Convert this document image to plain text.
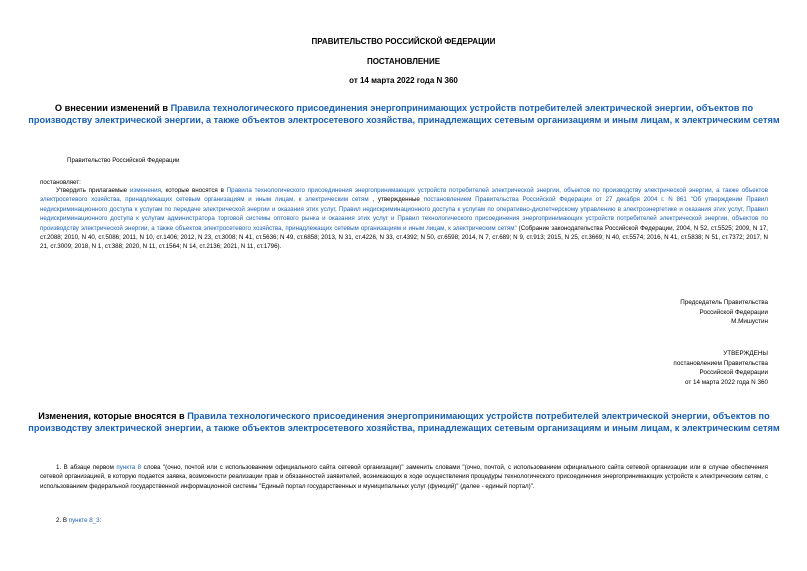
ПРАВИТЕЛЬСТВО РОССИЙСКОЙ ФЕДЕРАЦИИ
ПОСТАНОВЛЕНИЕ
от 14 марта 2022 года N 360
О внесении изменений в Правила технологического присоединения энергопринимающих устройств потребителей электрической энергии, объектов по производству электрической энергии, а также объектов электросетевого хозяйства, принадлежащих сетевым организациям и иным лицам, к электрическим сетям
Правительство Российской Федерации
постановляет:
Утвердить прилагаемые изменения, которые вносятся в Правила технологического присоединения энергопринимающих устройств потребителей электрической энергии, объектов по производству электрической энергии, а также объектов электросетевого хозяйства, принадлежащих сетевым организациям и иным лицам, к электрическим сетям , утвержденные постановлением Правительства Российской Федерации от 27 декабря 2004 г. N 861 "Об утверждении Правил недискриминационного доступа к услугам по передаче электрической энергии и оказания этих услуг, Правил недискриминационного доступа к услугам по оперативно-диспетчерскому управлению в электроэнергетике и оказания этих услуг, Правил недискриминационного доступа к услугам администратора торговой системы оптового рынка и оказания этих услуг и Правил технологического присоединения энергопринимающих устройств потребителей электрической энергии, объектов по производству электрической энергии, а также объектов электросетевого хозяйства, принадлежащих сетевым организациям и иным лицам, к электрическим сетям" (Собрание законодательства Российской Федерации, 2004, N 52, ст.5525; 2009, N 17, ст.2088; 2010, N 40, ст.5086; 2011, N 10, ст.1406; 2012, N 23, ст.3008; N 41, ст.5636; N 49, ст.6858; 2013, N 31, ст.4226, N 33, ст.4392; N 50, ст.6598; 2014, N 7, ст.689; N 9, ст.913; 2015, N 25, ст.3669; N 40, ст.5574; 2016, N 41, ст.5838; N 51, ст.7372; 2017, N 21, ст.3009; 2018, N 1, ст.388; 2020, N 11, ст.1564; N 14, ст.2136; 2021, N 11, ст.1796).
Председатель Правительства
Российской Федерации
М.Мишустин
УТВЕРЖДЕНЫ
постановлением Правительства
Российской Федерации
от 14 марта 2022 года N 360
Изменения, которые вносятся в Правила технологического присоединения энергопринимающих устройств потребителей электрической энергии, объектов по производству электрической энергии, а также объектов электросетевого хозяйства, принадлежащих сетевым организациям и иным лицам, к электрическим сетям
1. В абзаце первом пункта 8 слова "(очно, почтой или с использованием официального сайта сетевой организации)" заменить словами "(очно, почтой, с использованием официального сайта сетевой организации или в случае обеспечения сетевой организацией, в которую подается заявка, возможности реализации прав и обязанностей заявителей, возникающих в ходе осуществления процедуры технологического присоединения энергопринимающих устройств к электрическим сетям, с использованием федеральной государственной информационной системы "Единый портал государственных и муниципальных услуг (функций)" (далее - единый портал)".
2. В пункте 8_3:
